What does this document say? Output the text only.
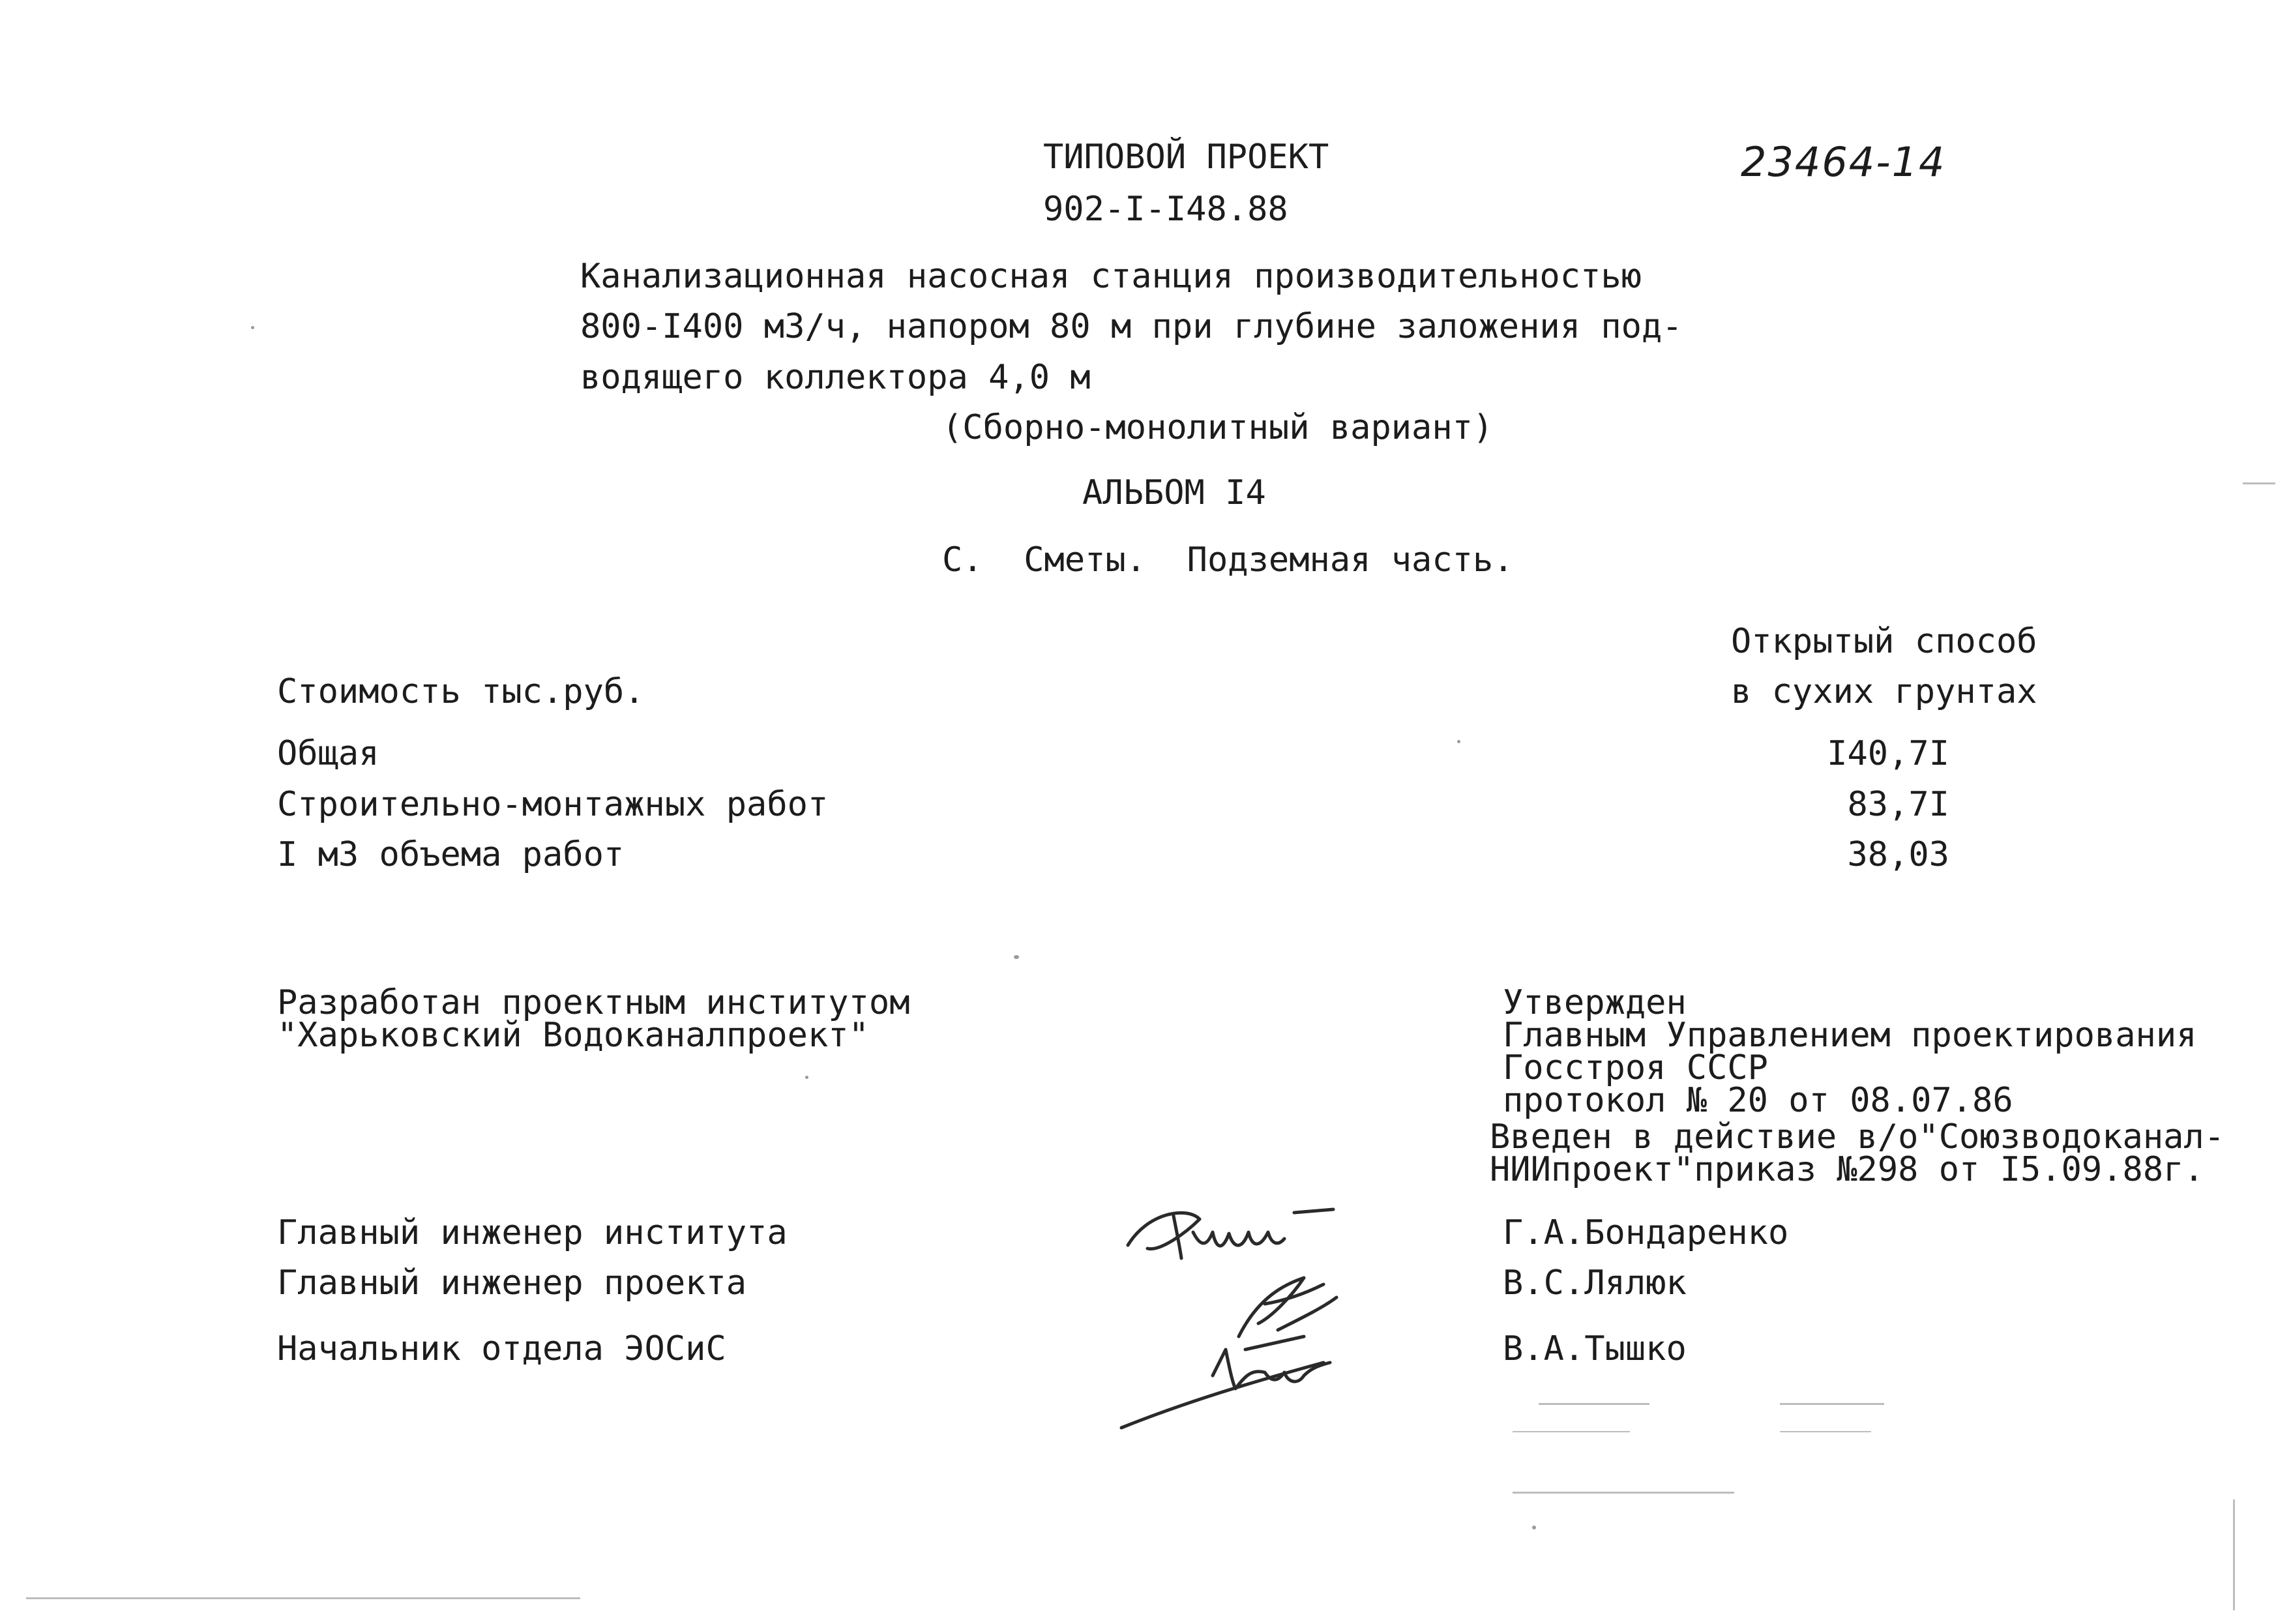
ТИПОВОЙ ПРОЕКТ
902-I-I48.88
23464-14
Канализационная насосная станция производительностью
800-I400 м3/ч, напором 80 м при глубине заложения под-
водящего коллектора 4,0 м
(Сборно-монолитный вариант)
АЛЬБОМ I4
С.  Сметы.  Подземная часть.
Открытый способ
в сухих грунтах
Стоимость тыс.руб.
Общая	I40,7I
Строительно-монтажных работ	83,7I
I м3 объема работ	38,03
Разработан проектным институтом
"Харьковский Водоканалпроект"
Утвержден
Главным Управлением проектирования
Госстроя СССР
протокол № 20 от 08.07.86
Введен в действие в/о"Союзводоканал-
НИИпроект"приказ №298 от I5.09.88г.
Главный инженер института	Г.А.Бондаренко
Главный инженер проекта	В.С.Лялюк
Начальник отдела ЭОСиС	В.А.Тышко
